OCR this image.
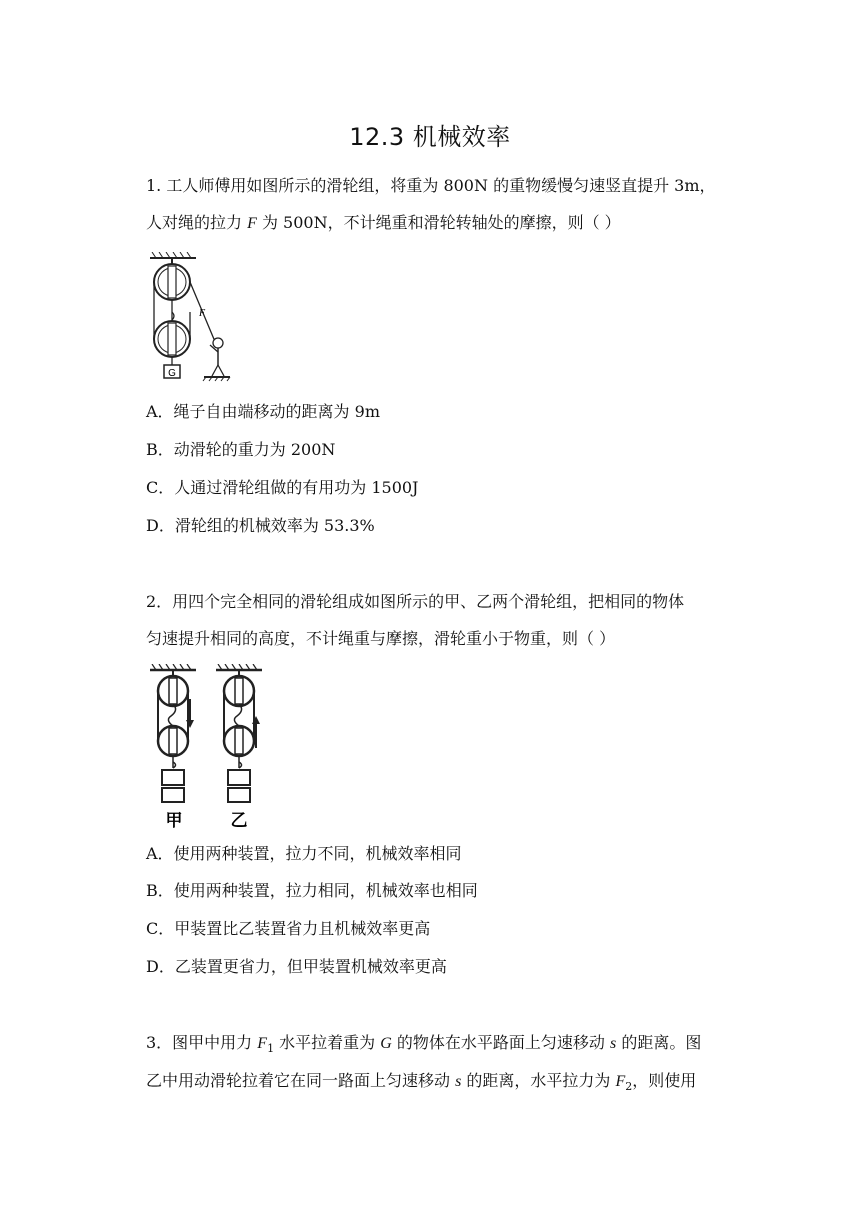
12.3 机械效率
1. 工人师傅用如图所示的滑轮组，将重为 800N 的重物缓慢匀速竖直提升 3m，
人对绳的拉力 F 为 500N，不计绳重和滑轮转轴处的摩擦，则（ ）
G
F
A．绳子自由端移动的距离为 9m
B．动滑轮的重力为 200N
C．人通过滑轮组做的有用功为 1500J
D．滑轮组的机械效率为 53.3%
2．用四个完全相同的滑轮组成如图所示的甲、乙两个滑轮组，把相同的物体
匀速提升相同的高度，不计绳重与摩擦，滑轮重小于物重，则（ ）
甲	乙
A．使用两种装置，拉力不同，机械效率相同
B．使用两种装置，拉力相同，机械效率也相同
C．甲装置比乙装置省力且机械效率更高
D．乙装置更省力，但甲装置机械效率更高
3．图甲中用力 $F_1$ 水平拉着重为 G 的物体在水平路面上匀速移动 s 的距离。图
乙中用动滑轮拉着它在同一路面上匀速移动 s 的距离，水平拉力为 $F_2$，则使用
